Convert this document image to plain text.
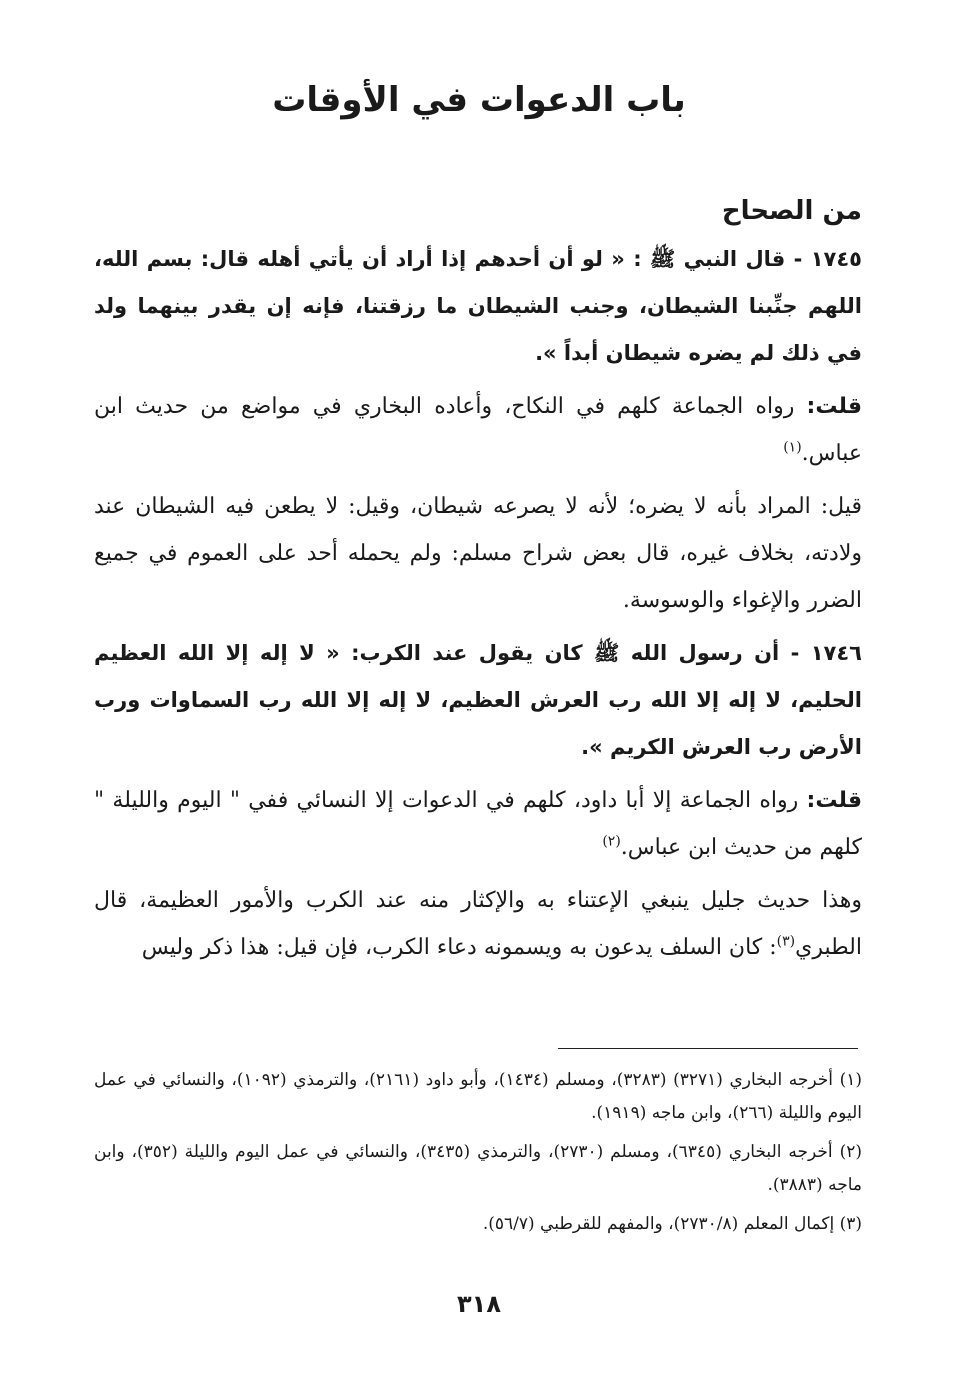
باب الدعوات في الأوقات
من الصحاح

١٧٤٥ - قال النبي ﷺ : « لو أن أحدهم إذا أراد أن يأتي أهله قال: بسم الله، اللهم جنِّبنا الشيطان، وجنب الشيطان ما رزقتنا، فإنه إن يقدر بينهما ولد في ذلك لم يضره شيطان أبداً ».

قلت: رواه الجماعة كلهم في النكاح، وأعاده البخاري في مواضع من حديث ابن عباس.$^{(١)}$

قيل: المراد بأنه لا يضره؛ لأنه لا يصرعه شيطان، وقيل: لا يطعن فيه الشيطان عند ولادته، بخلاف غيره، قال بعض شراح مسلم: ولم يحمله أحد على العموم في جميع الضرر والإغواء والوسوسة.

١٧٤٦ - أن رسول الله ﷺ كان يقول عند الكرب: « لا إله إلا الله العظيم الحليم، لا إله إلا الله رب العرش العظيم، لا إله إلا الله رب السماوات ورب الأرض رب العرش الكريم ».

قلت: رواه الجماعة إلا أبا داود، كلهم في الدعوات إلا النسائي ففي " اليوم والليلة " كلهم من حديث ابن عباس.$^{(٢)}$

وهذا حديث جليل ينبغي الإعتناء به والإكثار منه عند الكرب والأمور العظيمة، قال الطبري$^{(٣)}$: كان السلف يدعون به ويسمونه دعاء الكرب، فإن قيل: هذا ذكر وليس

(١) أخرجه البخاري (٣٢٧١) (٣٢٨٣)، ومسلم (١٤٣٤)، وأبو داود (٢١٦١)، والترمذي (١٠٩٢)، والنسائي في عمل اليوم والليلة (٢٦٦)، وابن ماجه (١٩١٩).
(٢) أخرجه البخاري (٦٣٤٥)، ومسلم (٢٧٣٠)، والترمذي (٣٤٣٥)، والنسائي في عمل اليوم والليلة (٣٥٢)، وابن ماجه (٣٨٨٣).
(٣) إكمال المعلم (٢٧٣٠/٨)، والمفهم للقرطبي (٥٦/٧).
٣١٨
